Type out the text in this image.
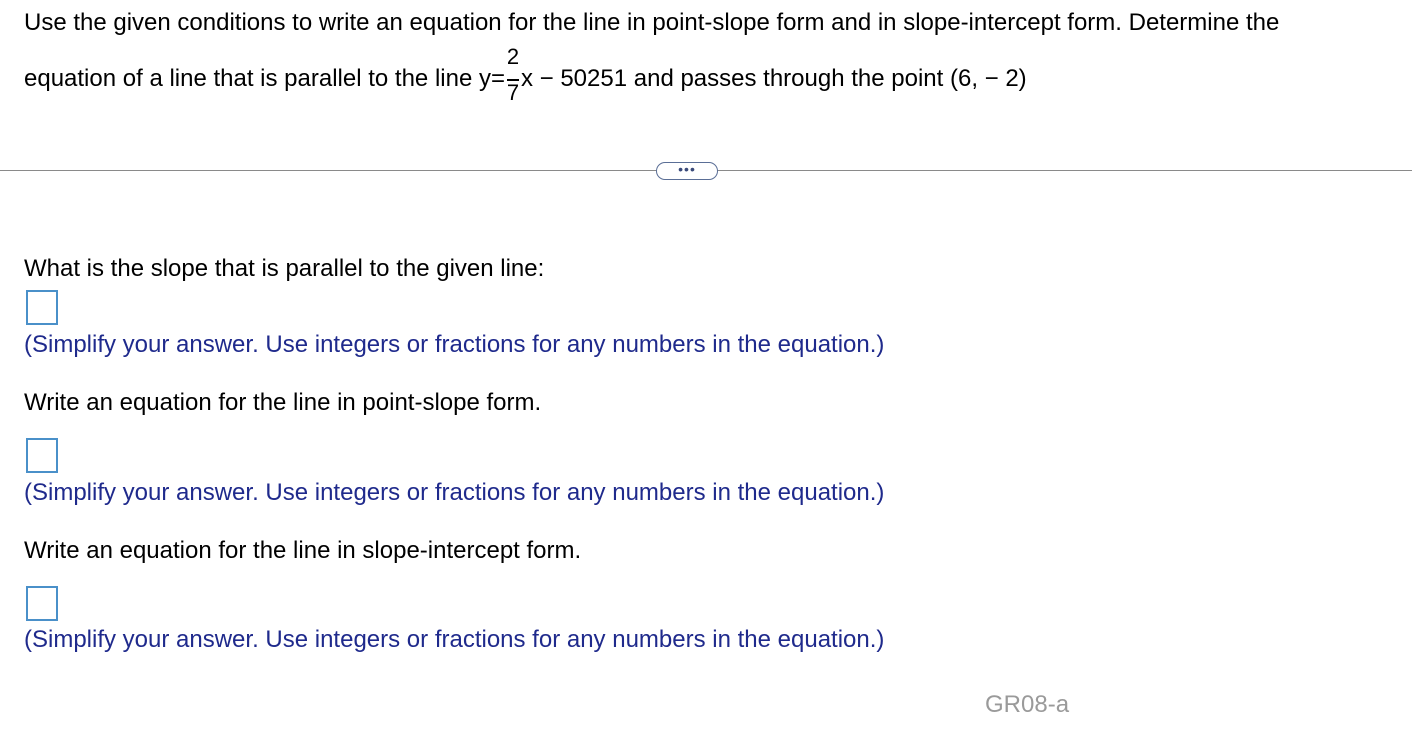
Use the given conditions to write an equation for the line in point-slope form and in slope-intercept form. Determine the
equation of a line that is parallel to the line $y= \frac{2}{7}$ x − 50251 and passes through the point (6, − 2)
•••
What is the slope that is parallel to the given line:
(Simplify your answer. Use integers or fractions for any numbers in the equation.)
Write an equation for the line in point-slope form.
(Simplify your answer. Use integers or fractions for any numbers in the equation.)
Write an equation for the line in slope-intercept form.
(Simplify your answer. Use integers or fractions for any numbers in the equation.)
GR08-a
